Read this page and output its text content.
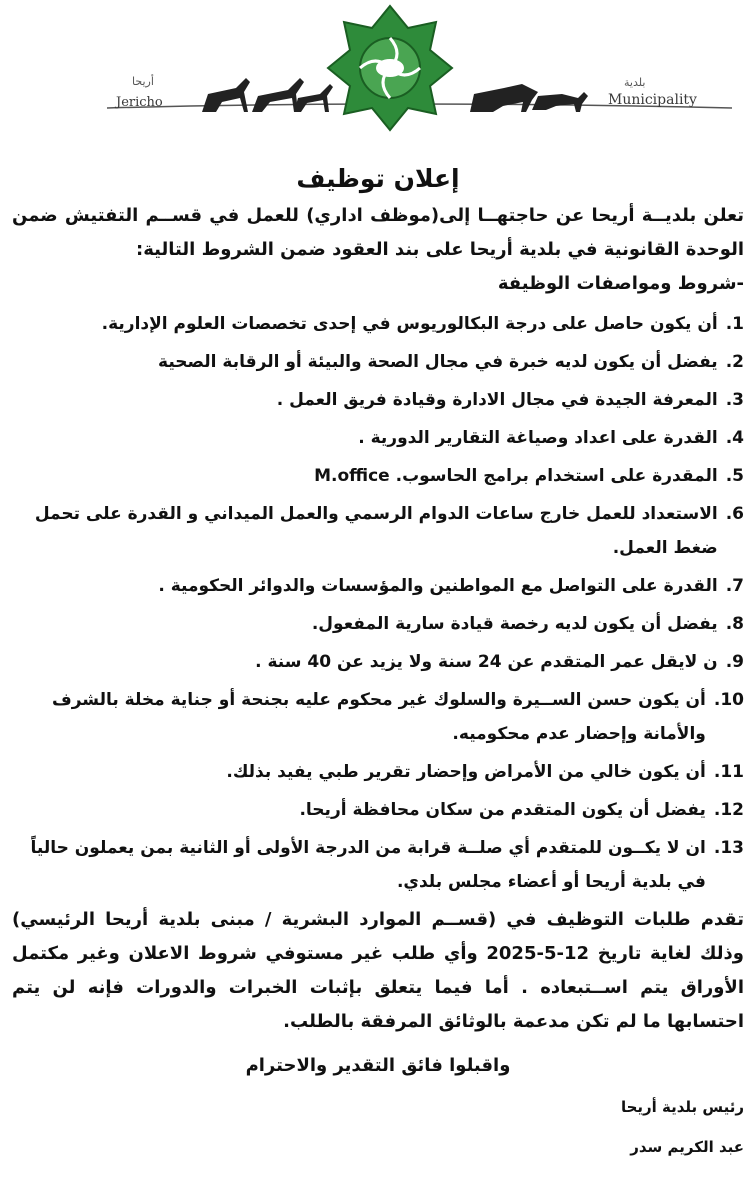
أريحا	بلدية
Jericho	Municipality
إعلان توظيف

تعلن بلديــة أريحا عن حاجتهــا إلى(موظف اداري) للعمل في قســم التفتيش ضمن الوحدة القانونية في بلدية أريحا على بند العقود ضمن الشروط التالية:

-شروط ومواصفات الوظيفة

1.
أن يكون حاصل على درجة البكالوريوس في إحدى تخصصات العلوم الإدارية.
2.
يفضل أن يكون لديه خبرة في مجال الصحة والبيئة أو الرقابة الصحية
3.
المعرفة الجيدة في مجال الادارة وقيادة فريق العمل .
4.
القدرة على اعداد وصياغة التقارير الدورية .
5.
المقدرة على استخدام برامج الحاسوب. M.office
6.
الاستعداد للعمل خارج ساعات الدوام الرسمي والعمل الميداني و القدرة على تحمل ضغط العمل.
7.
القدرة على التواصل مع المواطنين والمؤسسات والدوائر الحكومية .
8.
يفضل أن يكون لديه رخصة قيادة سارية المفعول.
9.
ن لايقل عمر المتقدم عن 24 سنة ولا يزيد عن 40 سنة .
10.
أن يكون حسن الســيرة والسلوك غير محكوم عليه بجنحة أو جناية مخلة بالشرف والأمانة وإحضار عدم محكوميه.
11.
أن يكون خالي من الأمراض وإحضار تقرير طبي يفيد بذلك.
12.
يفضل أن يكون المتقدم من سكان محافظة أريحا.
13.
ان لا يكــون للمتقدم أي صلــة قرابة من الدرجة الأولى أو الثانية بمن يعملون حالياً في بلدية أريحا أو أعضاء مجلس بلدي.

تقدم طلبات التوظيف في (قســم الموارد البشرية / مبنى بلدية أريحا الرئيسي) وذلك لغاية تاريخ 12-5-2025 وأي طلب غير مستوفي شروط الاعلان وغير مكتمل الأوراق يتم اســتبعاده . أما فيما يتعلق بإثبات الخبرات والدورات فإنه لن يتم احتسابها ما لم تكن مدعمة بالوثائق المرفقة بالطلب.

واقبلوا فائق التقدير والاحترام
رئيس بلدية أريحا
عبد الكريم سدر
